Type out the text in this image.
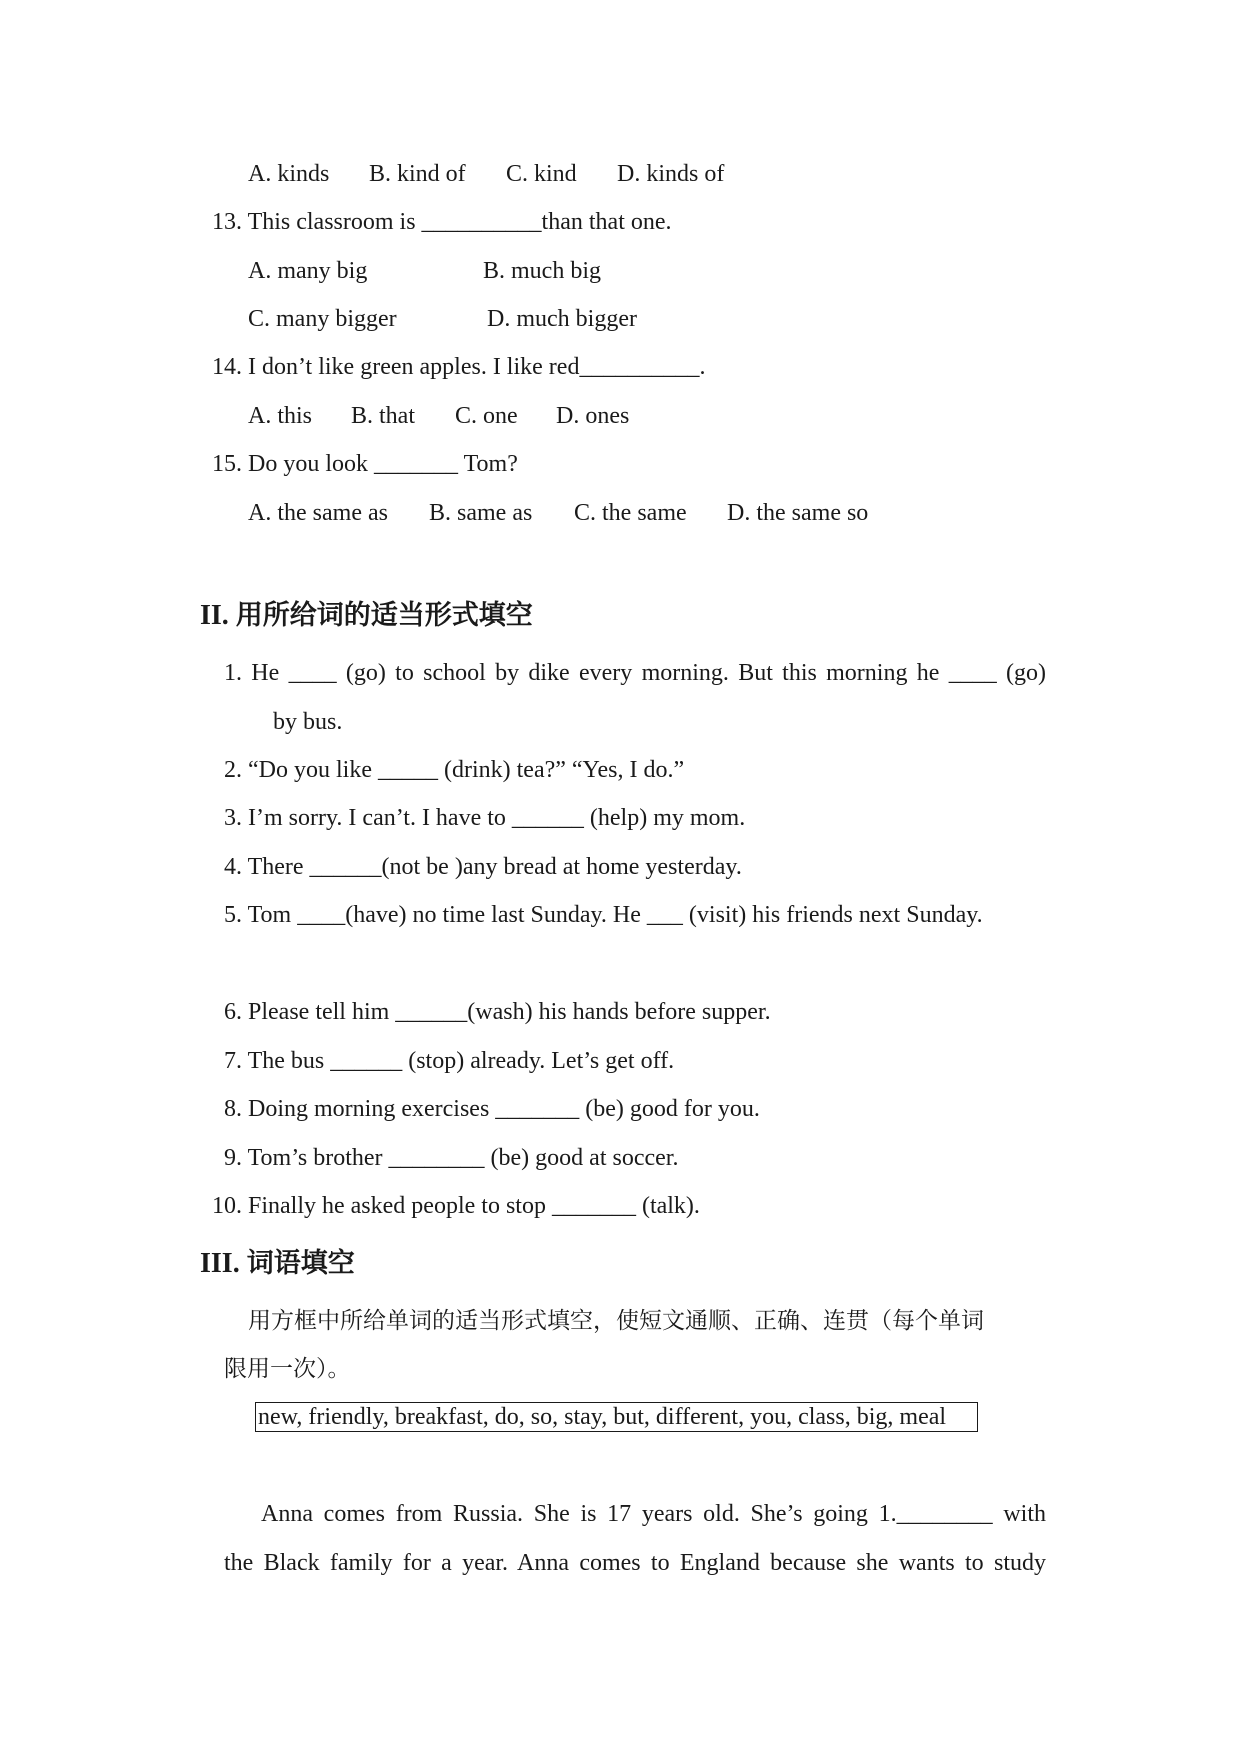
A. kinds B. kind of C. kind D. kinds of
13. This classroom is __________than that one.
A. many big	B. much big
C. many bigger	D. much bigger
14. I don’t like green apples. I like red__________.
A. this B. that C. one D. ones
15. Do you look _______ Tom?
A. the same as B. same as C. the same D. the same so
II. 用所给词的适当形式填空
1. He ____ (go) to school by dike every morning. But this morning he ____ (go)
by bus.
2. “Do you like _____ (drink) tea?” “Yes, I do.”
3. I’m sorry. I can’t. I have to ______ (help) my mom.
4. There ______(not be )any bread at home yesterday.
5. Tom ____(have) no time last Sunday. He ___ (visit) his friends next Sunday.
6. Please tell him ______(wash) his hands before supper.
7. The bus ______ (stop) already. Let’s get off.
8. Doing morning exercises _______ (be) good for you.
9. Tom’s brother ________ (be) good at soccer.
10. Finally he asked people to stop _______ (talk).
III. 词语填空
用方框中所给单词的适当形式填空，使短文通顺、正确、连贯（每个单词
限用一次）。
new, friendly, breakfast, do, so, stay, but, different, you, class, big, meal
Anna comes from Russia. She is 17 years old. She’s going 1.________ with
the Black family for a year. Anna comes to England because she wants to study
